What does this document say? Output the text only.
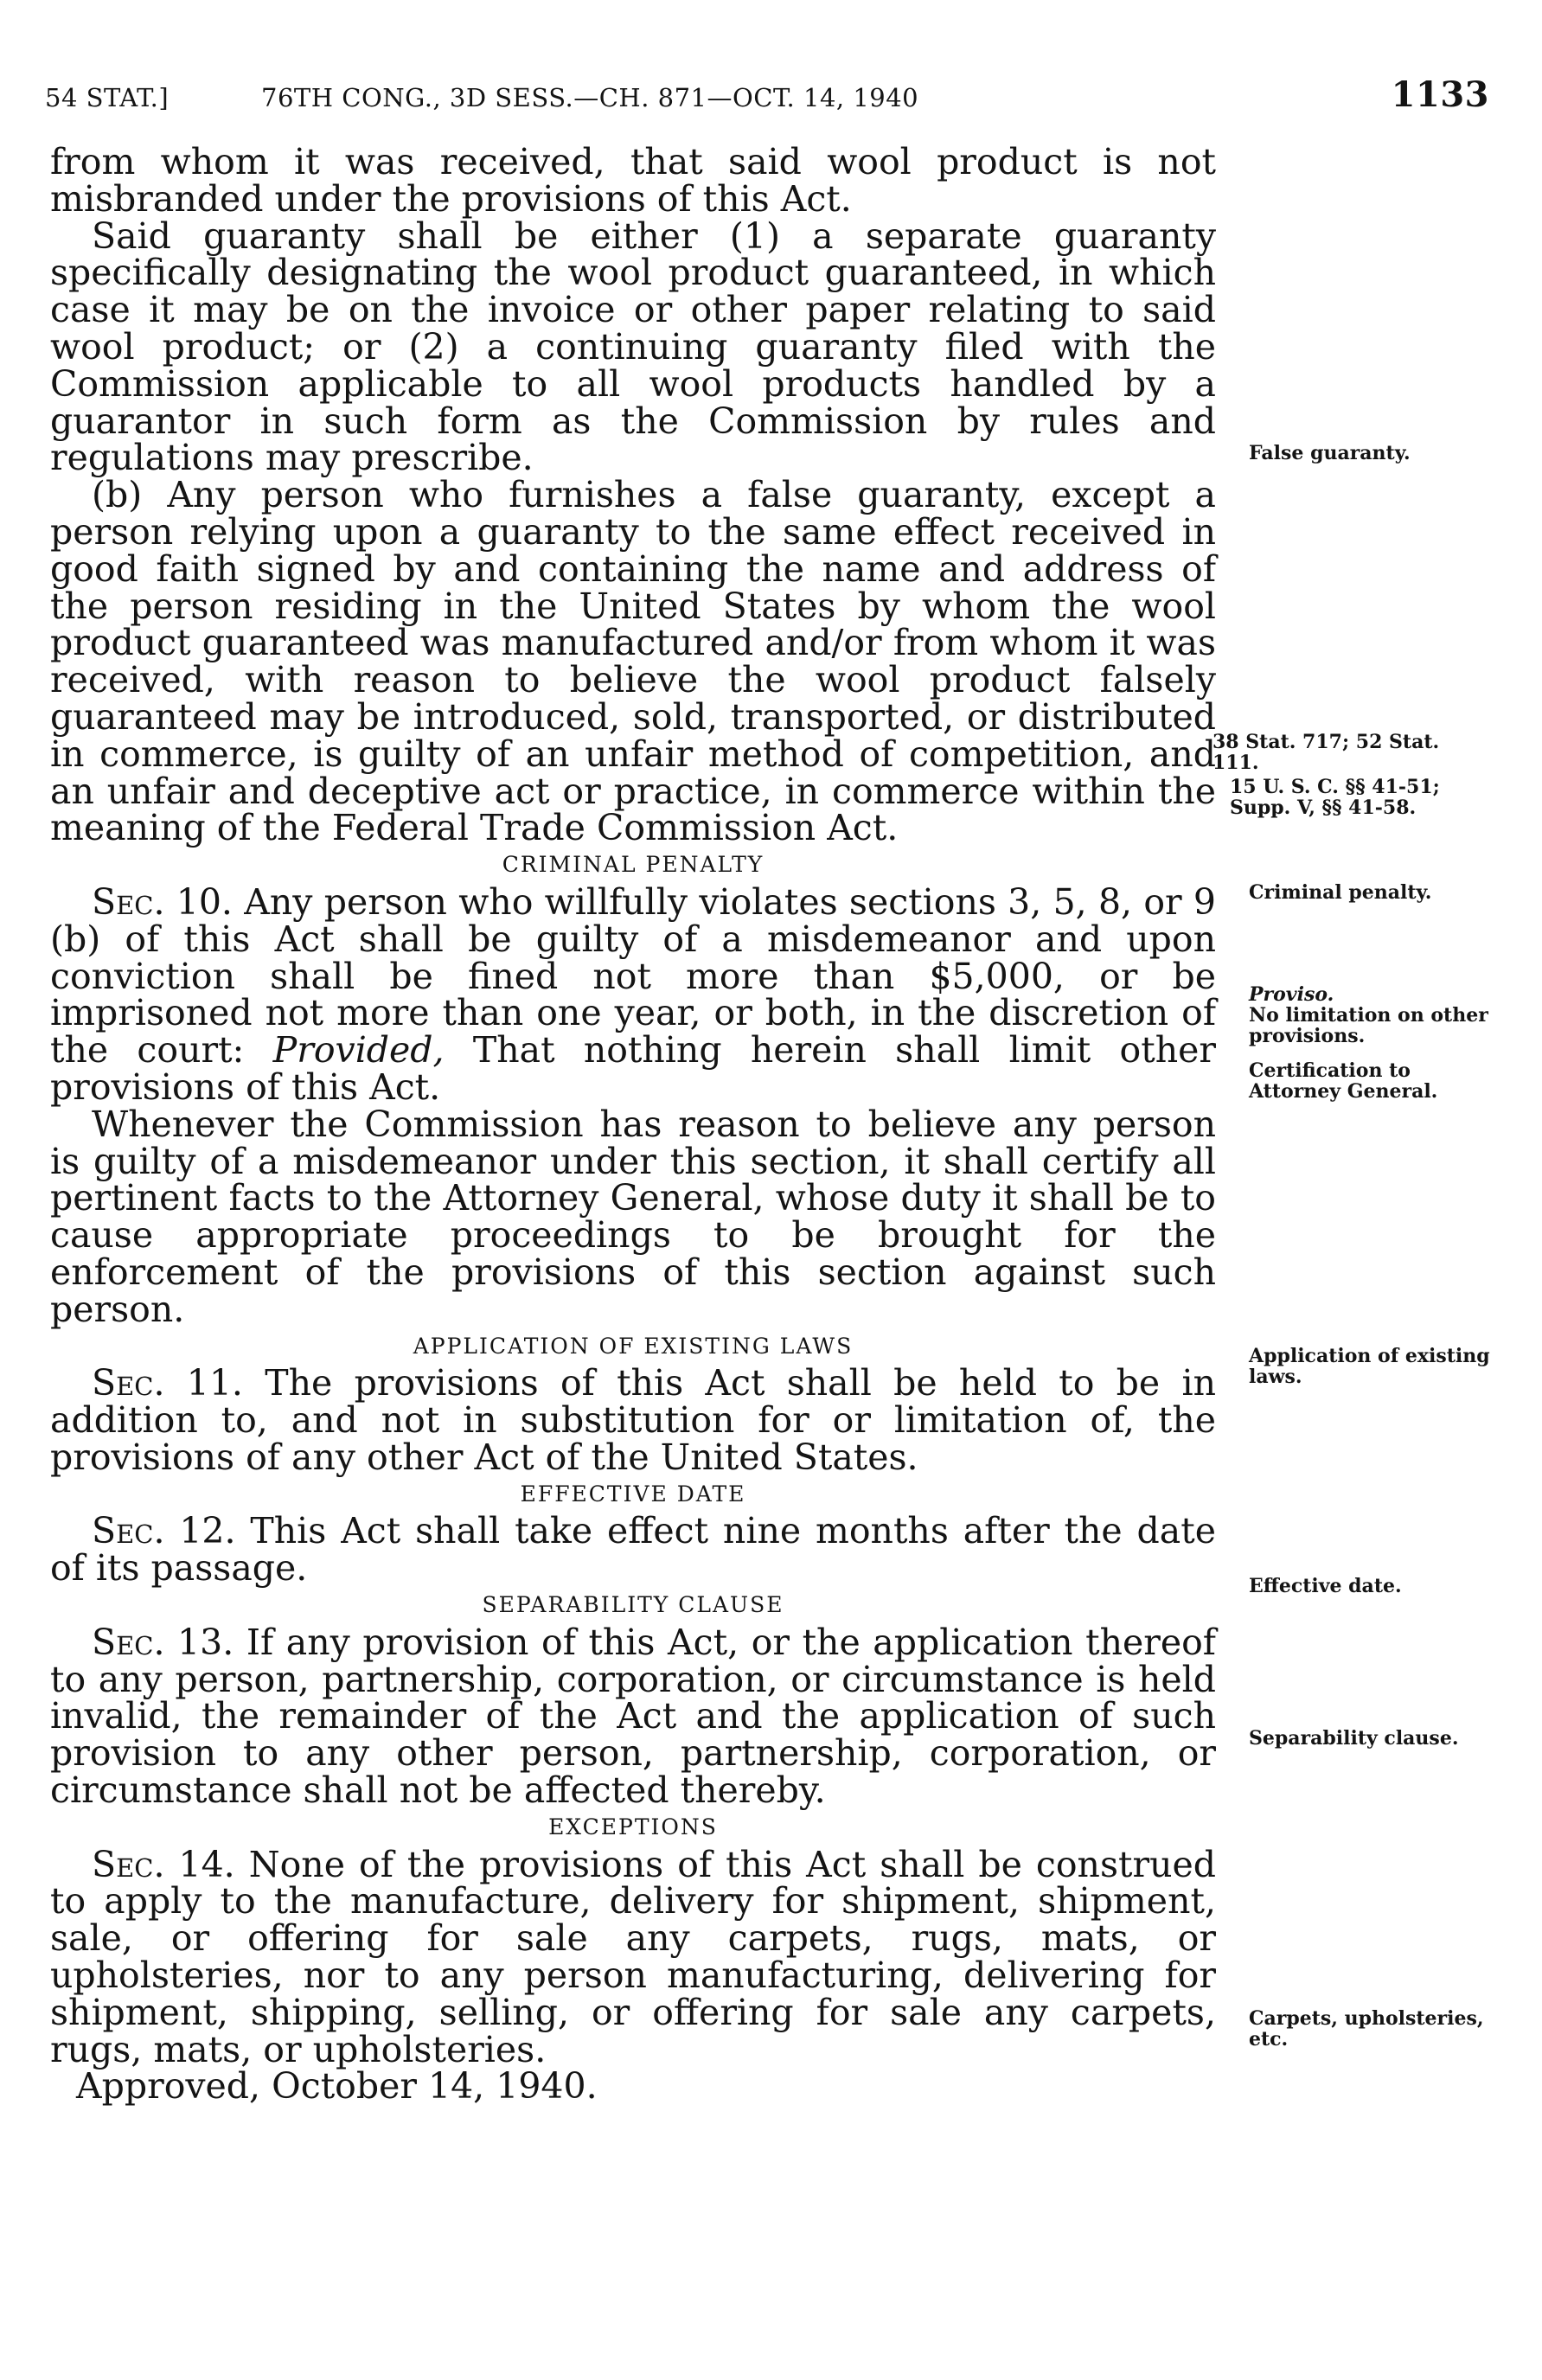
54 STAT.]	76TH CONG., 3D SESS.—CH. 871—OCT. 14, 1940	1133

from whom it was received, that said wool product is not misbranded under the provisions of this Act.

Said guaranty shall be either (1) a separate guaranty specifically designating the wool product guaranteed, in which case it may be on the invoice or other paper relating to said wool product; or (2) a continuing guaranty filed with the Commission applicable to all wool products handled by a guarantor in such form as the Commission by rules and regulations may prescribe.

(b) Any person who furnishes a false guaranty, except a person relying upon a guaranty to the same effect received in good faith signed by and containing the name and address of the person residing in the United States by whom the wool product guaranteed was manufactured and/or from whom it was received, with reason to believe the wool product falsely guaranteed may be introduced, sold, transported, or distributed in commerce, is guilty of an unfair method of competition, and an unfair and deceptive act or practice, in commerce within the meaning of the Federal Trade Commission Act.

CRIMINAL PENALTY

Sec. 10. Any person who willfully violates sections 3, 5, 8, or 9 (b) of this Act shall be guilty of a misdemeanor and upon conviction shall be fined not more than $5,000, or be imprisoned not more than one year, or both, in the discretion of the court: Provided, That nothing herein shall limit other provisions of this Act.

Whenever the Commission has reason to believe any person is guilty of a misdemeanor under this section, it shall certify all pertinent facts to the Attorney General, whose duty it shall be to cause appropriate proceedings to be brought for the enforcement of the provisions of this section against such person.

APPLICATION OF EXISTING LAWS

Sec. 11. The provisions of this Act shall be held to be in addition to, and not in substitution for or limitation of, the provisions of any other Act of the United States.

EFFECTIVE DATE

Sec. 12. This Act shall take effect nine months after the date of its passage.

SEPARABILITY CLAUSE

Sec. 13. If any provision of this Act, or the application thereof to any person, partnership, corporation, or circumstance is held invalid, the remainder of the Act and the application of such provision to any other person, partnership, corporation, or circumstance shall not be affected thereby.

EXCEPTIONS

Sec. 14. None of the provisions of this Act shall be construed to apply to the manufacture, delivery for shipment, shipment, sale, or offering for sale any carpets, rugs, mats, or upholsteries, nor to any person manufacturing, delivering for shipment, shipping, selling, or offering for sale any carpets, rugs, mats, or upholsteries.

Approved, October 14, 1940.

False guaranty.
38 Stat. 717; 52 Stat. 111.
15 U. S. C. §§ 41-51; Supp. V, §§ 41-58.
Criminal penalty.
Proviso.
No limitation on other provisions.
Certification to Attorney General.
Application of existing laws.
Effective date.
Separability clause.
Carpets, upholsteries, etc.
